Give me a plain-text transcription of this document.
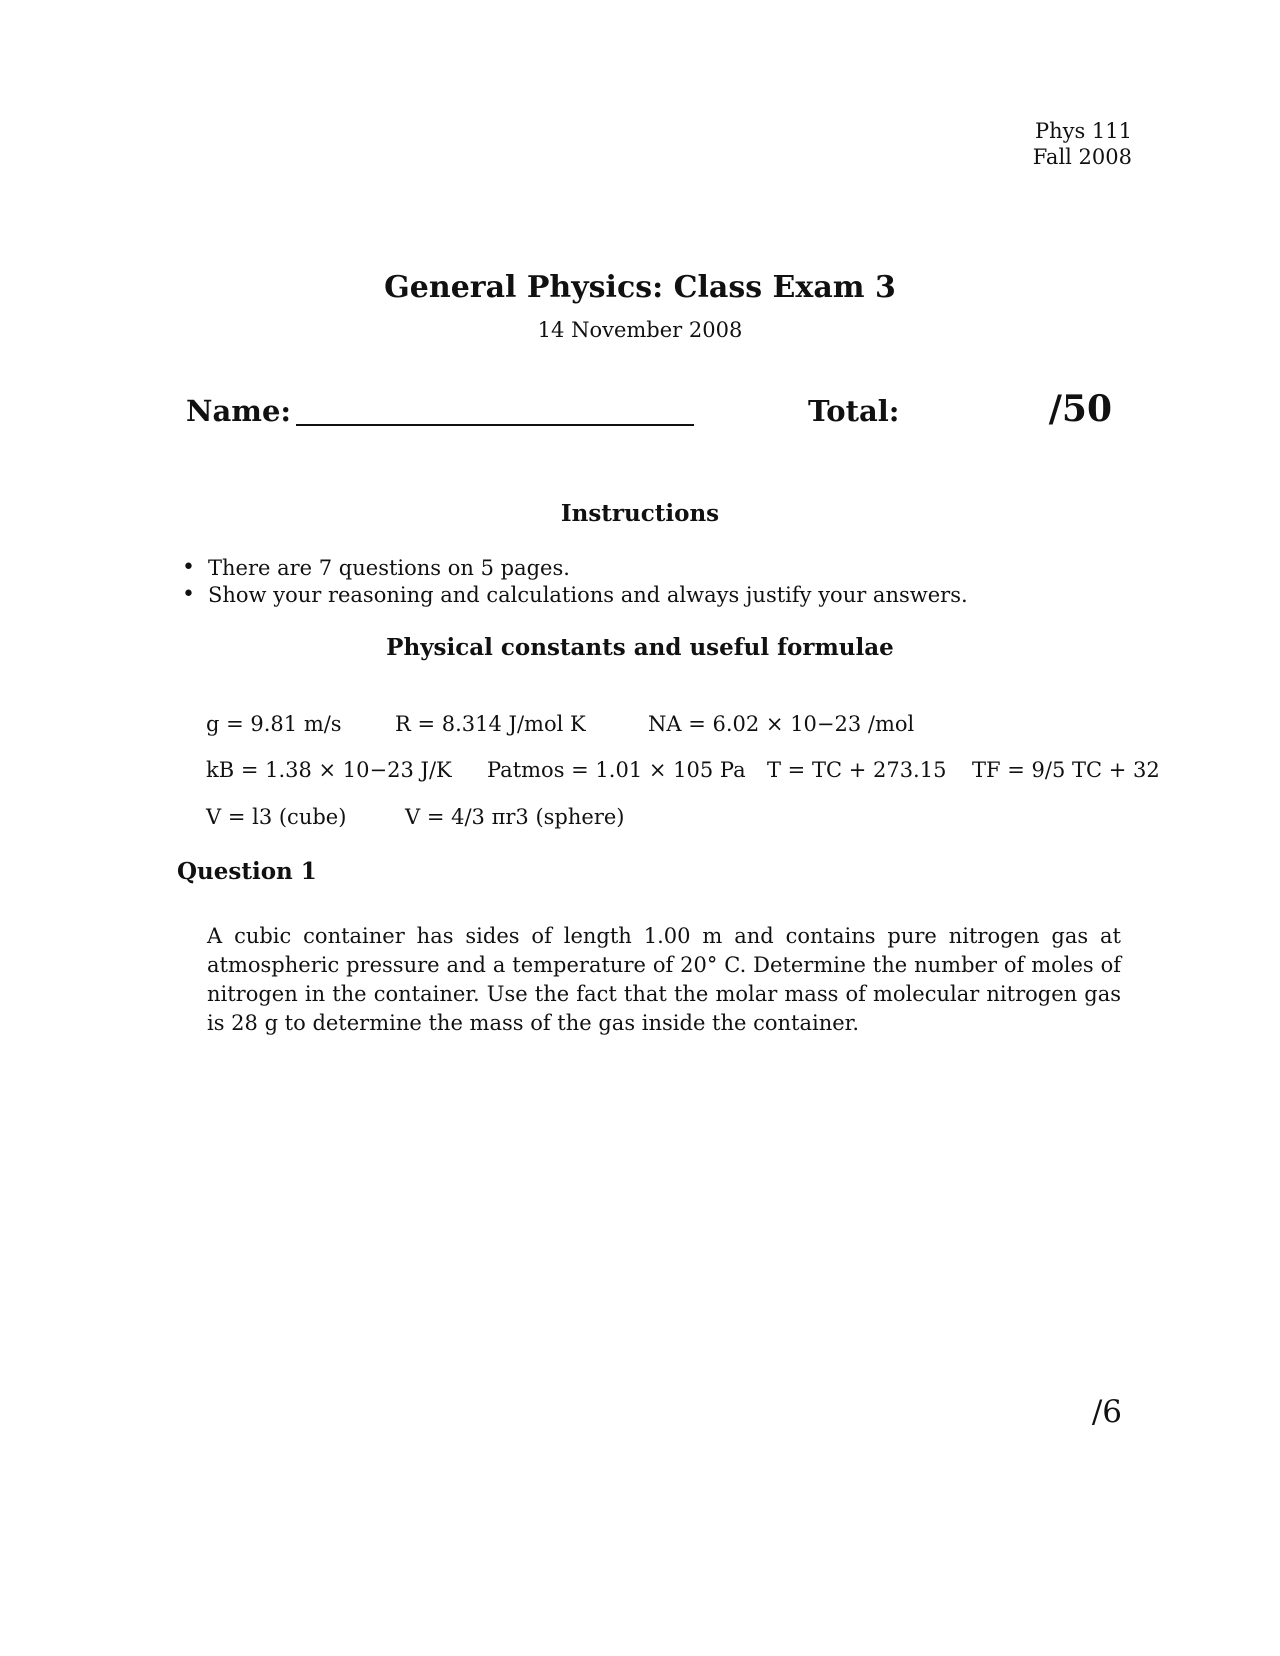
Phys 111
Fall 2008
General Physics: Class Exam 3
14 November 2008
Name:	Total:	/50
Instructions
• There are 7 questions on 5 pages.
• Show your reasoning and calculations and always justify your answers.
Physical constants and useful formulae
g = 9.81 m/s	R = 8.314 J/mol K	NA = 6.02 × 10−23 /mol
kB = 1.38 × 10−23 J/K Patmos = 1.01 × 105 Pa T = TC + 273.15 TF = 9/5 TC + 32
V = l3 (cube)	V = 4/3 πr3 (sphere)
Question 1
A cubic container has sides of length 1.00 m and contains pure nitrogen gas at atmospheric pressure and a temperature of 20° C. Determine the number of moles of nitrogen in the container. Use the fact that the molar mass of molecular nitrogen gas is 28 g to determine the mass of the gas inside the container.
/6
